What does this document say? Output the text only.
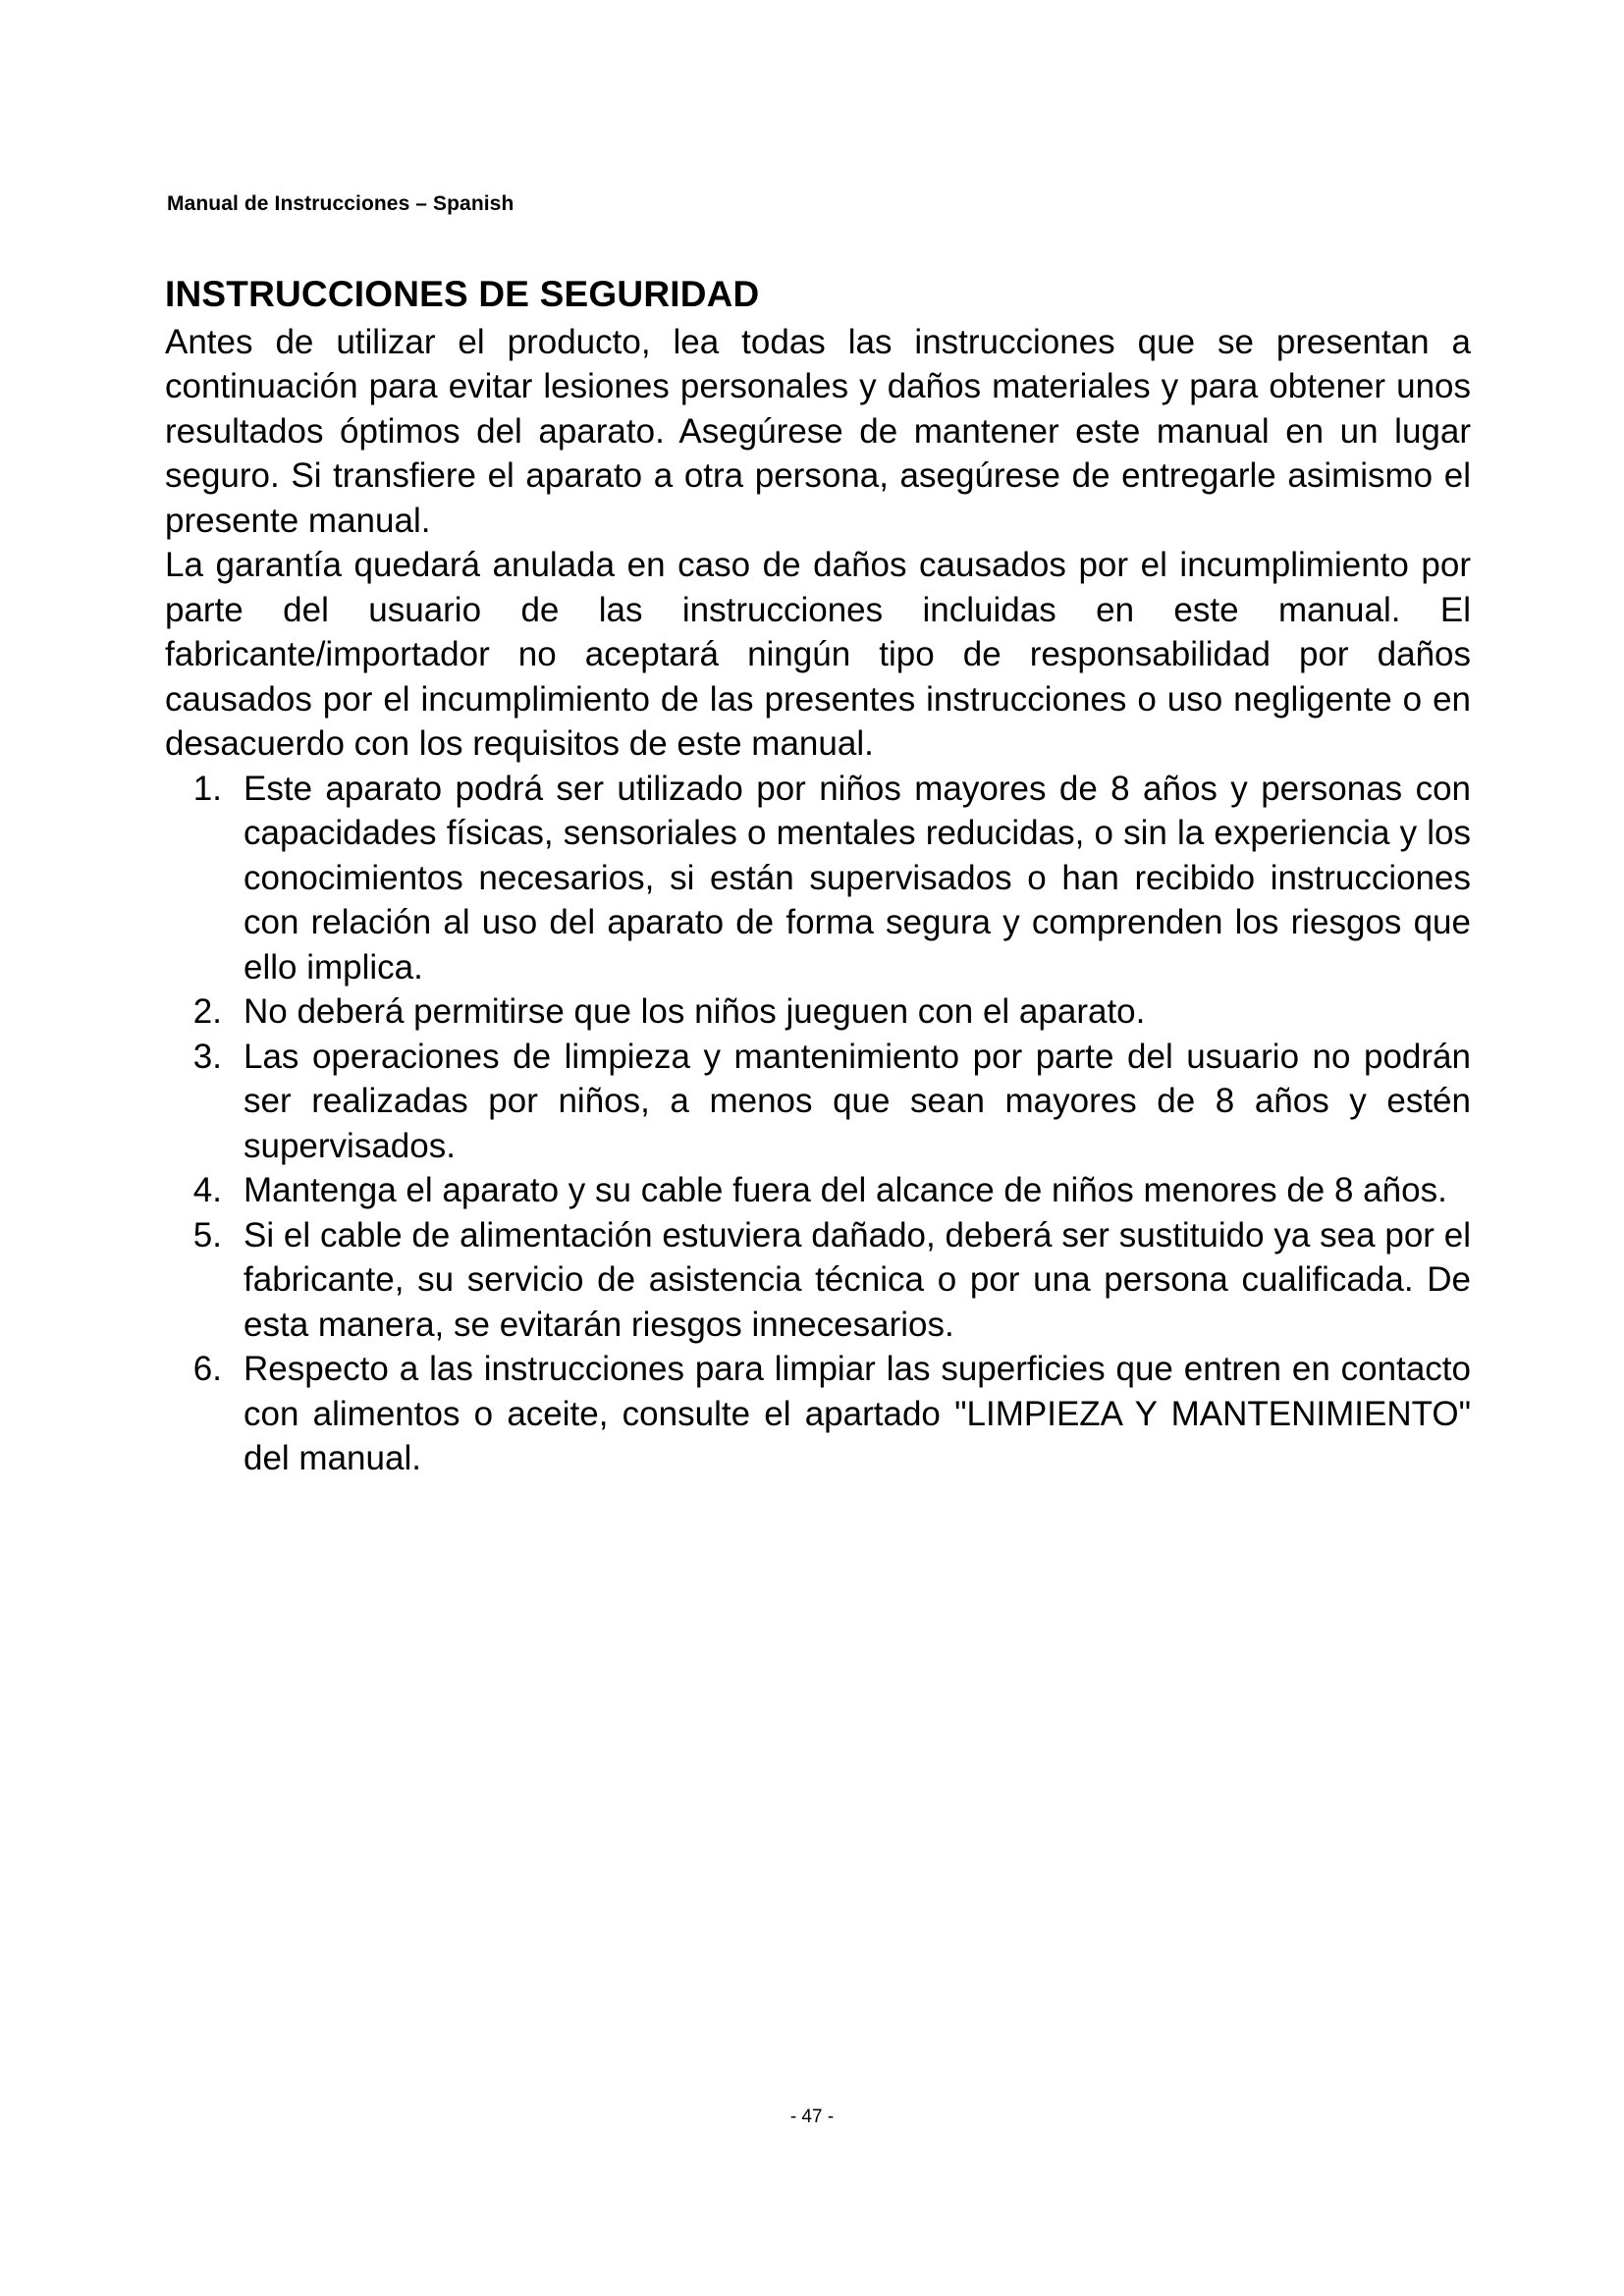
Manual de Instrucciones – Spanish
INSTRUCCIONES DE SEGURIDAD

Antes de utilizar el producto, lea todas las instrucciones que se presentan a continuación para evitar lesiones personales y daños materiales y para obtener unos resultados óptimos del aparato. Asegúrese de mantener este manual en un lugar seguro. Si transfiere el aparato a otra persona, asegúrese de entregarle asimismo el presente manual.

La garantía quedará anulada en caso de daños causados por el incumplimiento por parte del usuario de las instrucciones incluidas en este manual. El fabricante/importador no aceptará ningún tipo de responsabilidad por daños causados por el incumplimiento de las presentes instrucciones o uso negligente o en desacuerdo con los requisitos de este manual.

1. Este aparato podrá ser utilizado por niños mayores de 8 años y personas con capacidades físicas, sensoriales o mentales reducidas, o sin la experiencia y los conocimientos necesarios, si están supervisados o han recibido instrucciones con relación al uso del aparato de forma segura y comprenden los riesgos que ello implica.
2. No deberá permitirse que los niños jueguen con el aparato.
3. Las operaciones de limpieza y mantenimiento por parte del usuario no podrán ser realizadas por niños, a menos que sean mayores de 8 años y estén supervisados.
4. Mantenga el aparato y su cable fuera del alcance de niños menores de 8 años.
5. Si el cable de alimentación estuviera dañado, deberá ser sustituido ya sea por el fabricante, su servicio de asistencia técnica o por una persona cualificada. De esta manera, se evitarán riesgos innecesarios.
6. Respecto a las instrucciones para limpiar las superficies que entren en contacto con alimentos o aceite, consulte el apartado "LIMPIEZA Y MANTENIMIENTO" del manual.
- 47 -
